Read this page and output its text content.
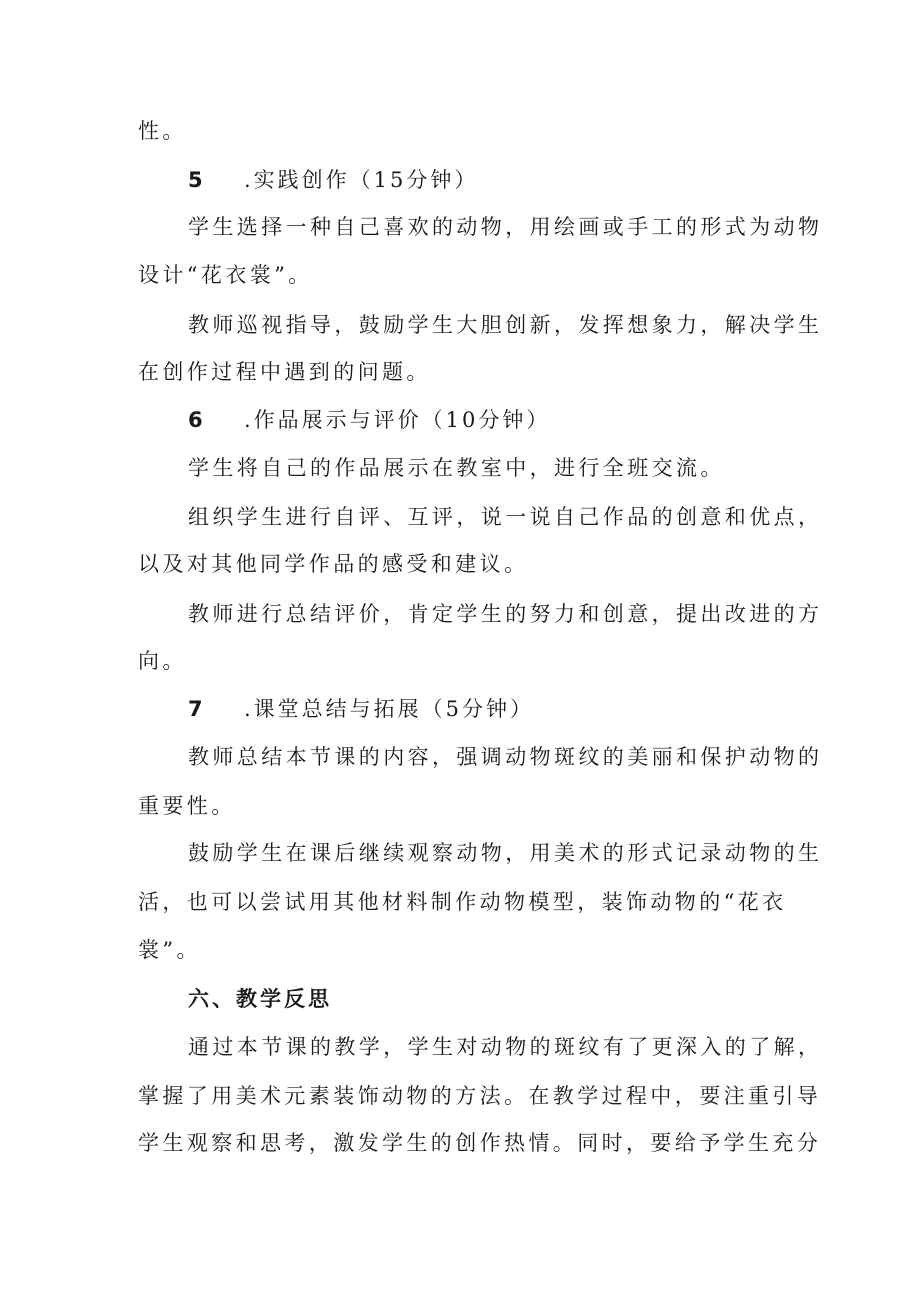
性。
5 .实践创作（15分钟）
学生选择一种自己喜欢的动物，用绘画或手工的形式为动物
设计“花衣裳”。
教师巡视指导，鼓励学生大胆创新，发挥想象力，解决学生
在创作过程中遇到的问题。
6 .作品展示与评价（10分钟）
学生将自己的作品展示在教室中，进行全班交流。
组织学生进行自评、互评，说一说自己作品的创意和优点，
以及对其他同学作品的感受和建议。
教师进行总结评价，肯定学生的努力和创意，提出改进的方
向。
7 .课堂总结与拓展（5分钟）
教师总结本节课的内容，强调动物斑纹的美丽和保护动物的
重要性。
鼓励学生在课后继续观察动物，用美术的形式记录动物的生
活，也可以尝试用其他材料制作动物模型，装饰动物的“花衣
裳”。
六、教学反思
通过本节课的教学，学生对动物的斑纹有了更深入的了解，
掌握了用美术元素装饰动物的方法。在教学过程中，要注重引导
学生观察和思考，激发学生的创作热情。同时，要给予学生充分
